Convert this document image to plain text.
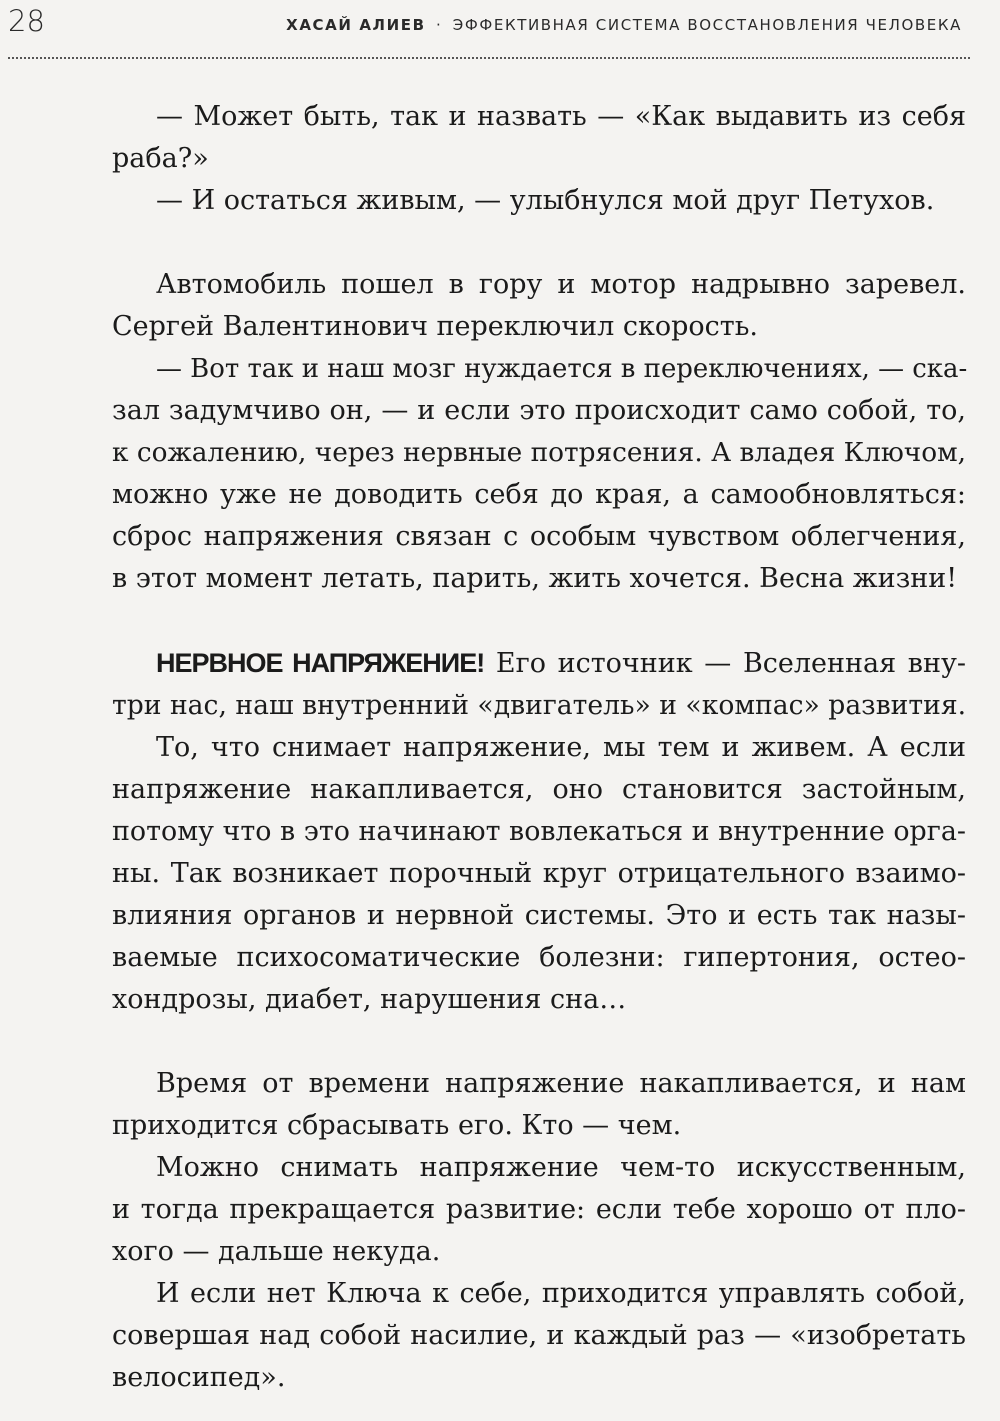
28	ХАСАЙ АЛИЕВ · ЭФФЕКТИВНАЯ СИСТЕМА ВОССТАНОВЛЕНИЯ ЧЕЛОВЕКА

— Может быть, так и назвать — «Как выдавить из себя
раба?»

— И остаться живым, — улыбнулся мой друг Петухов.

Автомобиль пошел в гору и мотор надрывно заревел.
Сергей Валентинович переключил скорость.

— Вот так и наш мозг нуждается в переключениях, — ска-
зал задумчиво он, — и если это происходит само собой, то,
к сожалению, через нервные потрясения. А владея Ключом,
можно уже не доводить себя до края, а самообновляться:
сброс напряжения связан с особым чувством облегчения,
в этот момент летать, парить, жить хочется. Весна жизни!

НЕРВНОЕ НАПРЯЖЕНИЕ! Его источник — Вселенная вну-
три нас, наш внутренний «двигатель» и «компас» развития.

То, что снимает напряжение, мы тем и живем. А если
напряжение накапливается, оно становится застойным,
потому что в это начинают вовлекаться и внутренние орга-
ны. Так возникает порочный круг отрицательного взаимо-
влияния органов и нервной системы. Это и есть так назы-
ваемые психосоматические болезни: гипертония, остео-
хондрозы, диабет, нарушения сна…

Время от времени напряжение накапливается, и нам
приходится сбрасывать его. Кто — чем.

Можно снимать напряжение чем-то искусственным,
и тогда прекращается развитие: если тебе хорошо от пло-
хого — дальше некуда.

И если нет Ключа к себе, приходится управлять собой,
совершая над собой насилие, и каждый раз — «изобретать
велосипед».
